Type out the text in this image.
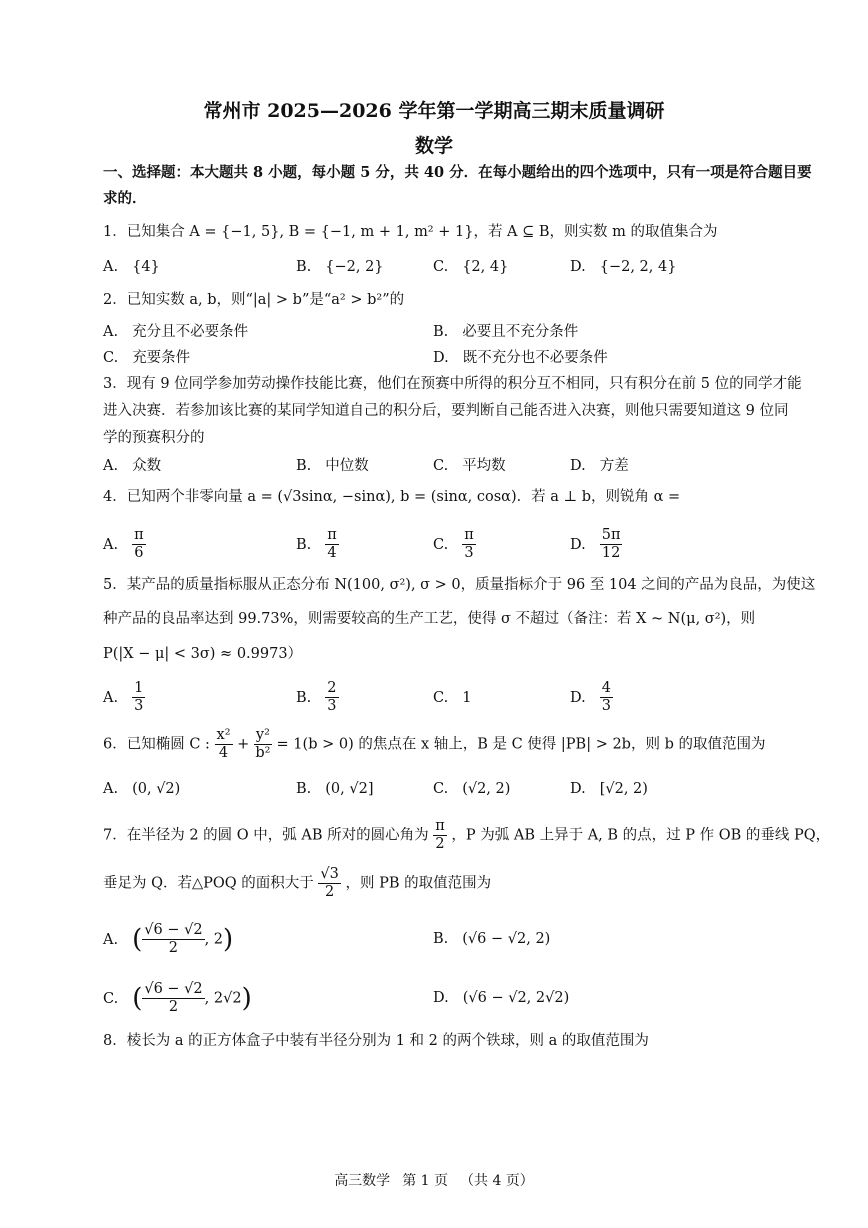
常州市 2025—2026 学年第一学期高三期末质量调研
数学
一、选择题：本大题共 8 小题，每小题 5 分，共 40 分．在每小题给出的四个选项中，只有一项是符合题目要
求的．
1．已知集合 A = {−1, 5}, B = {−1, m + 1, m² + 1}，若 A ⊆ B，则实数 m 的取值集合为
A. {4}	B. {−2, 2}	C. {2, 4}	D. {−2, 2, 4}
2．已知实数 a, b，则“|a| > b”是“a² > b²”的
A. 充分且不必要条件	B. 必要且不充分条件
C. 充要条件	D. 既不充分也不必要条件
3．现有 9 位同学参加劳动操作技能比赛，他们在预赛中所得的积分互不相同，只有积分在前 5 位的同学才能
进入决赛．若参加该比赛的某同学知道自己的积分后，要判断自己能否进入决赛，则他只需要知道这 9 位同
学的预赛积分的
A. 众数	B. 中位数	C. 平均数	D. 方差
4．已知两个非零向量 a = (√3sinα, −sinα), b = (sinα, cosα)．若 a ⊥ b，则锐角 α =
A. $\frac{\pi}{6}$	B. $\frac{\pi}{4}$	C. $\frac{\pi}{3}$	D. $\frac{5\pi}{12}$
5．某产品的质量指标服从正态分布 N(100, σ²), σ > 0，质量指标介于 96 至 104 之间的产品为良品，为使这
种产品的良品率达到 99.73%，则需要较高的生产工艺，使得 σ 不超过（备注：若 X ~ N(μ, σ²)，则
P(|X − μ| < 3σ) ≈ 0.9973）
A. $\frac{1}{3}$	B. $\frac{2}{3}$	C. 1	D. $\frac{4}{3}$
6．已知椭圆 C : $\frac{\text{x²}}{4} + \frac{\text{y²}}{\text{b²}} = 1(b > 0)$ 的焦点在 x 轴上，B 是 C 使得 |PB| > 2b，则 b 的取值范围为
A. (0, √2)	B. (0, √2]	C. (√2, 2)	D. [√2, 2)
7．在半径为 2 的圆 O 中，弧 AB 所对的圆心角为 $\frac{\pi}{2}$ ，P 为弧 AB 上异于 A, B 的点，过 P 作 OB 的垂线 PQ，
垂足为 Q．若△POQ 的面积大于 $\frac{√3}{2}$ ，则 PB 的取值范围为
A. ( $\frac{√6 - √2}{2}$ , 2)	B. (√6 − √2, 2)
C. ( $\frac{√6 - √2}{2}$ , 2√2)	D. (√6 − √2, 2√2)
8．棱长为 a 的正方体盒子中装有半径分别为 1 和 2 的两个铁球，则 a 的取值范围为
高三数学 第 1 页 （共 4 页）
